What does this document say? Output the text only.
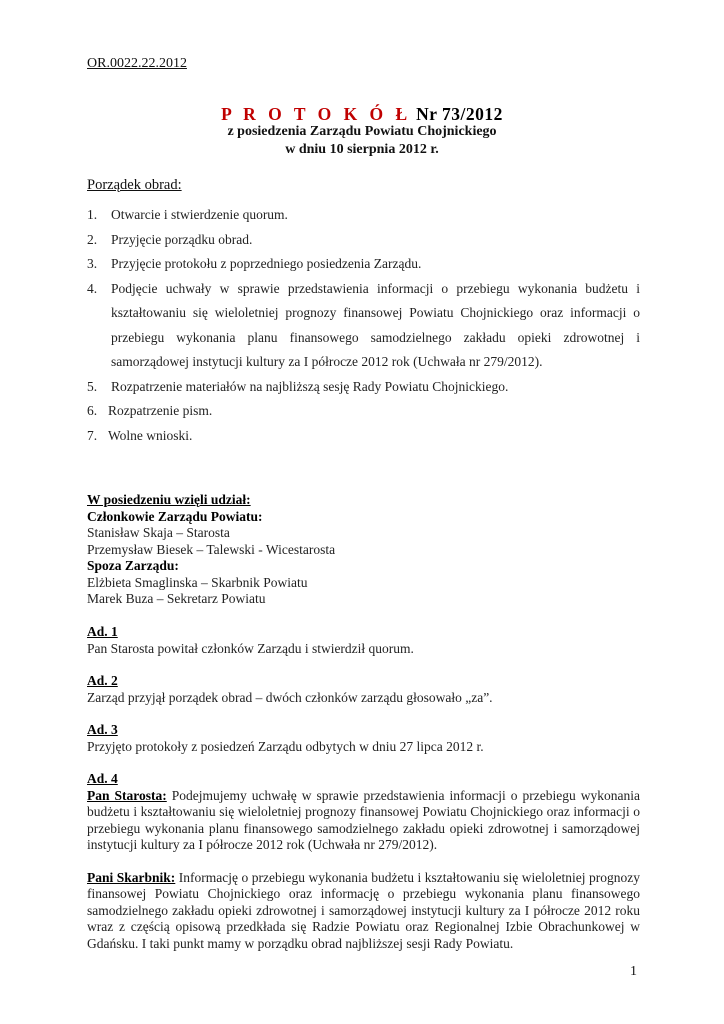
OR.0022.22.2012
P R O T O K Ó Ł Nr 73/2012
z posiedzenia Zarządu Powiatu Chojnickiego
w dniu 10 sierpnia 2012 r.
Porządek obrad:
1. Otwarcie i stwierdzenie quorum.
2. Przyjęcie porządku obrad.
3. Przyjęcie protokołu z poprzedniego posiedzenia Zarządu.
4. Podjęcie uchwały w sprawie przedstawienia informacji o przebiegu wykonania budżetu i kształtowaniu się wieloletniej prognozy finansowej Powiatu Chojnickiego oraz informacji o przebiegu wykonania planu finansowego samodzielnego zakładu opieki zdrowotnej i samorządowej instytucji kultury za I półrocze 2012 rok (Uchwała nr 279/2012).
5. Rozpatrzenie materiałów na najbliższą sesję Rady Powiatu Chojnickiego.
6. Rozpatrzenie pism.
7. Wolne wnioski.
W posiedzeniu wzięli udział:
Członkowie Zarządu Powiatu:
Stanisław Skaja – Starosta
Przemysław Biesek – Talewski - Wicestarosta
Spoza Zarządu:
Elżbieta Smaglinska – Skarbnik Powiatu
Marek Buza – Sekretarz Powiatu
Ad. 1
Pan Starosta powitał członków Zarządu i stwierdził quorum.
Ad. 2
Zarząd przyjął porządek obrad – dwóch członków zarządu głosowało „za”.
Ad. 3
Przyjęto protokoły z posiedzeń Zarządu odbytych w dniu 27 lipca 2012 r.
Ad. 4
Pan Starosta: Podejmujemy uchwałę w sprawie przedstawienia informacji o przebiegu wykonania budżetu i kształtowaniu się wieloletniej prognozy finansowej Powiatu Chojnickiego oraz informacji o przebiegu wykonania planu finansowego samodzielnego zakładu opieki zdrowotnej i samorządowej instytucji kultury za I półrocze 2012 rok (Uchwała nr 279/2012).
Pani Skarbnik: Informację o przebiegu wykonania budżetu i kształtowaniu się wieloletniej prognozy finansowej Powiatu Chojnickiego oraz informację o przebiegu wykonania planu finansowego samodzielnego zakładu opieki zdrowotnej i samorządowej instytucji kultury za I półrocze 2012 roku wraz z częścią opisową przedkłada się Radzie Powiatu oraz Regionalnej Izbie Obrachunkowej w Gdańsku. I taki punkt mamy w porządku obrad najbliższej sesji Rady Powiatu.
1
